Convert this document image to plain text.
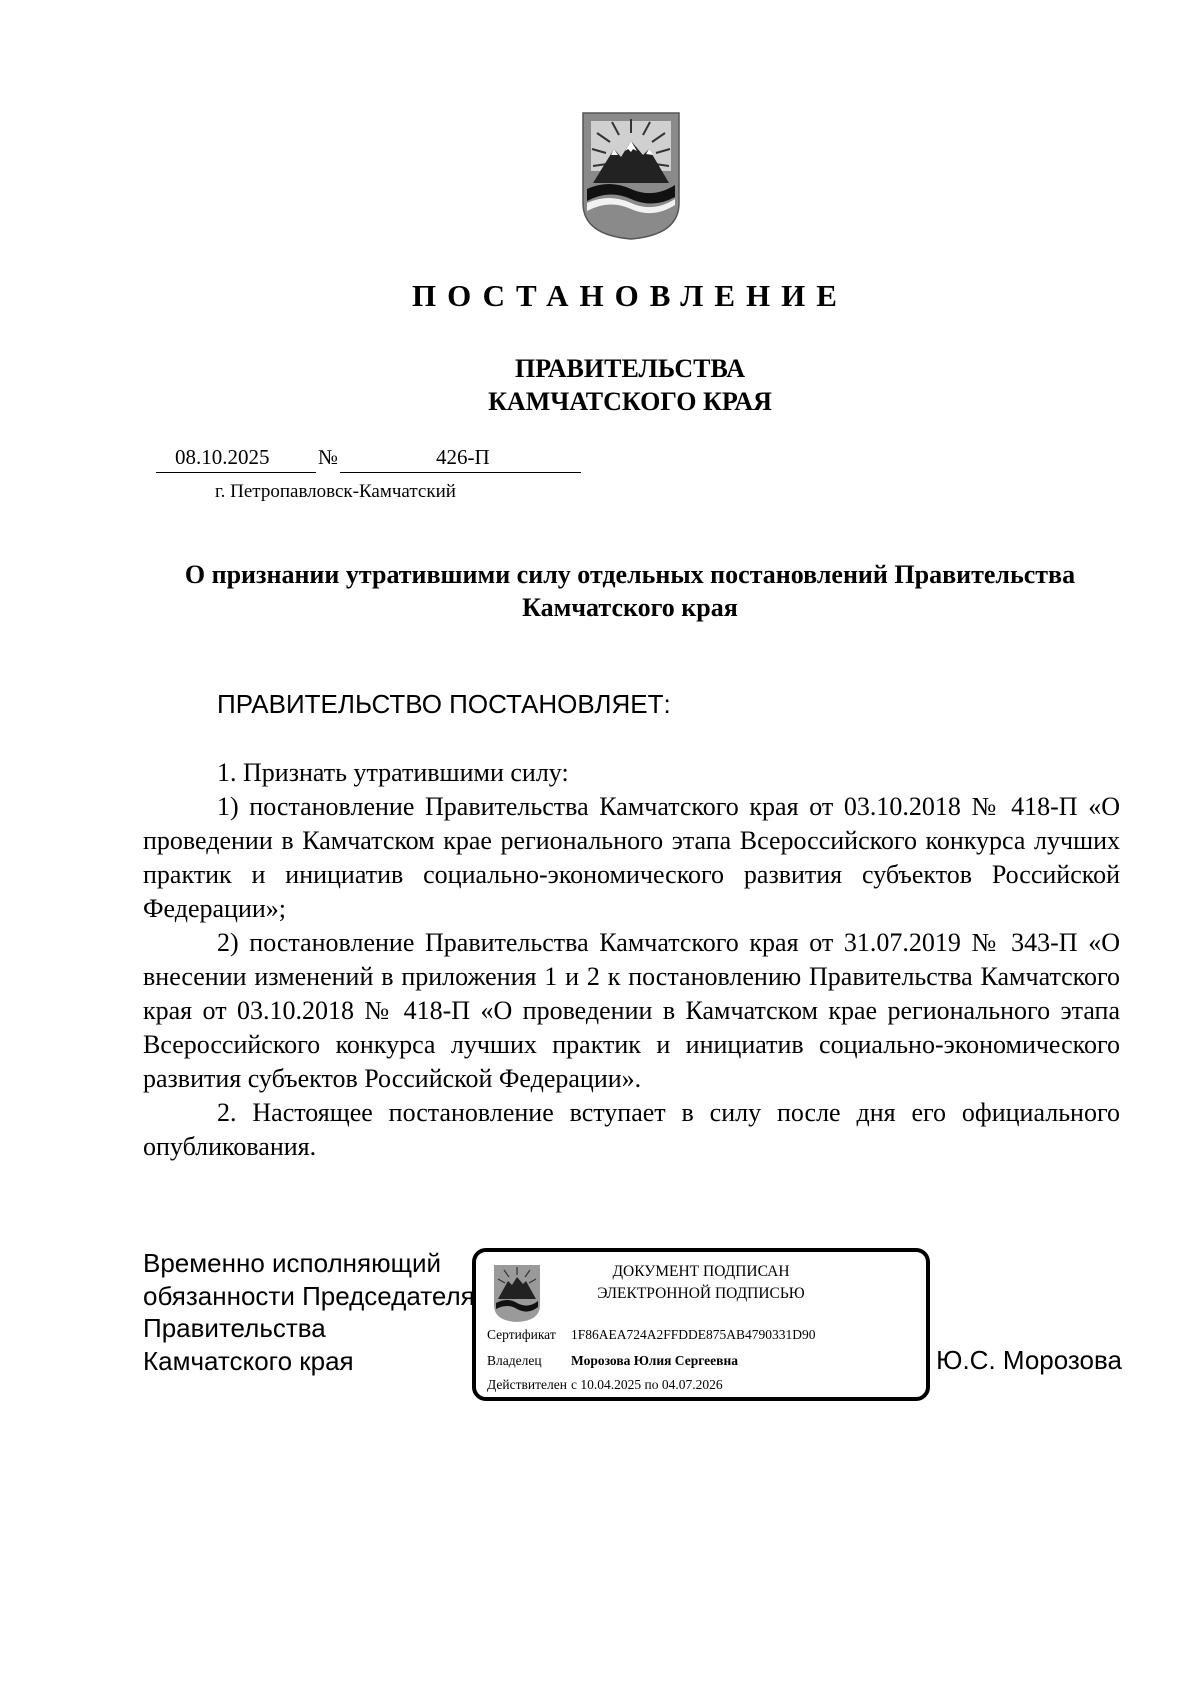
ПОСТАНОВЛЕНИЕ
ПРАВИТЕЛЬСТВА
КАМЧАТСКОГО КРАЯ
08.10.2025 №	426-П
г. Петропавловск-Камчатский
О признании утратившими силу отдельных постановлений Правительства
Камчатского края
ПРАВИТЕЛЬСТВО ПОСТАНОВЛЯЕТ:

1. Признать утратившими силу:

1) постановление Правительства Камчатского края от 03.10.2018 № 418-П «О проведении в Камчатском крае регионального этапа Всероссийского конкурса лучших практик и инициатив социально-экономического развития субъектов Российской Федерации»;

2) постановление Правительства Камчатского края от 31.07.2019 № 343-П «О внесении изменений в приложения 1 и 2 к постановлению Правительства Камчатского края от 03.10.2018 № 418-П «О проведении в Камчатском крае регионального этапа Всероссийского конкурса лучших практик и инициатив социально-экономического развития субъектов Российской Федерации».

2. Настоящее постановление вступает в силу после дня его официального опубликования.

Временно исполняющий
обязанности Председателя
Правительства
Камчатского края	Ю.С. Морозова
ДОКУМЕНТ ПОДПИСАН
ЭЛЕКТРОННОЙ ПОДПИСЬЮ
Сертификат 1F86AEA724A2FFDDE875AB4790331D90
Владелец Морозова Юлия Сергеевна
Действителен с 10.04.2025 по 04.07.2026
